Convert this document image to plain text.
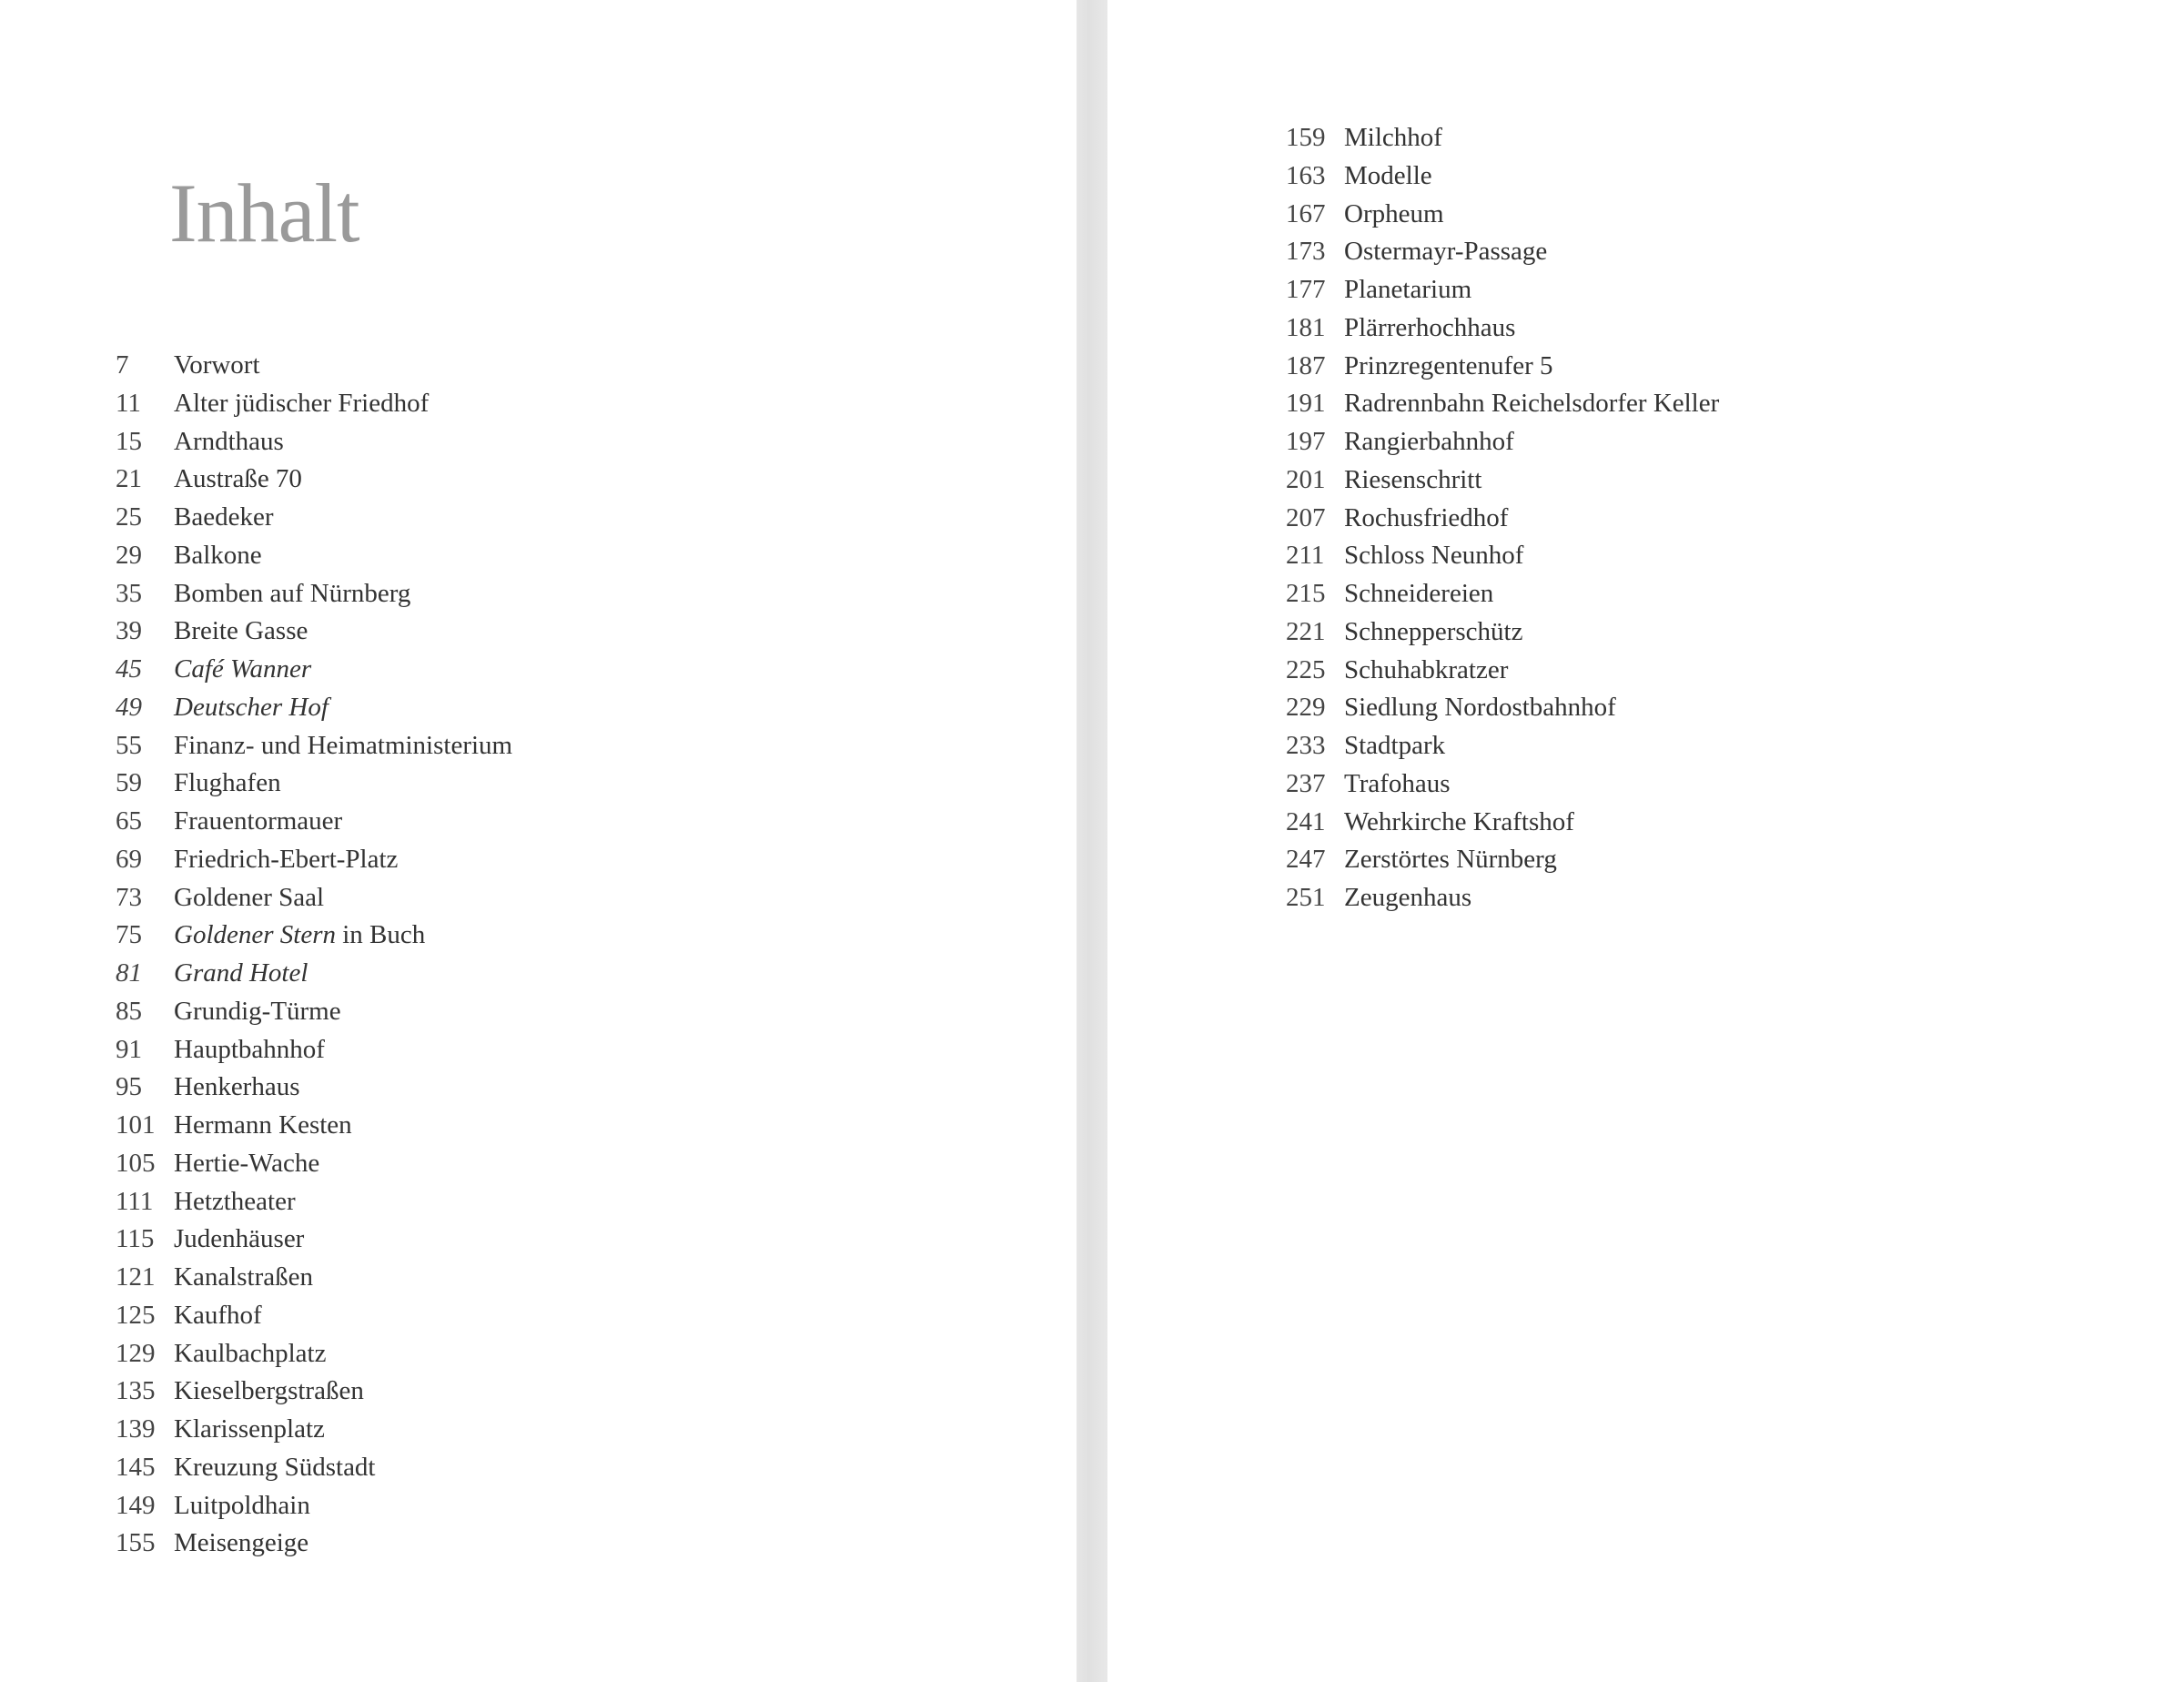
Inhalt
7 Vorwort
11 Alter jüdischer Friedhof
15 Arndthaus
21 Austraße 70
25 Baedeker
29 Balkone
35 Bomben auf Nürnberg
39 Breite Gasse
45 Café Wanner
49 Deutscher Hof
55 Finanz- und Heimatministerium
59 Flughafen
65 Frauentormauer
69 Friedrich-Ebert-Platz
73 Goldener Saal
75 Goldener Stern in Buch
81 Grand Hotel
85 Grundig-Türme
91 Hauptbahnhof
95 Henkerhaus
101 Hermann Kesten
105 Hertie-Wache
111 Hetztheater
115 Judenhäuser
121 Kanalstraßen
125 Kaufhof
129 Kaulbachplatz
135 Kieselbergstraßen
139 Klarissenplatz
145 Kreuzung Südstadt
149 Luitpoldhain
155 Meisengeige
159 Milchhof
163 Modelle
167 Orpheum
173 Ostermayr-Passage
177 Planetarium
181 Plärrerhochhaus
187 Prinzregentenufer 5
191 Radrennbahn Reichelsdorfer Keller
197 Rangierbahnhof
201 Riesenschritt
207 Rochusfriedhof
211 Schloss Neunhof
215 Schneidereien
221 Schnepperschütz
225 Schuhabkratzer
229 Siedlung Nordostbahnhof
233 Stadtpark
237 Trafohaus
241 Wehrkirche Kraftshof
247 Zerstörtes Nürnberg
251 Zeugenhaus
